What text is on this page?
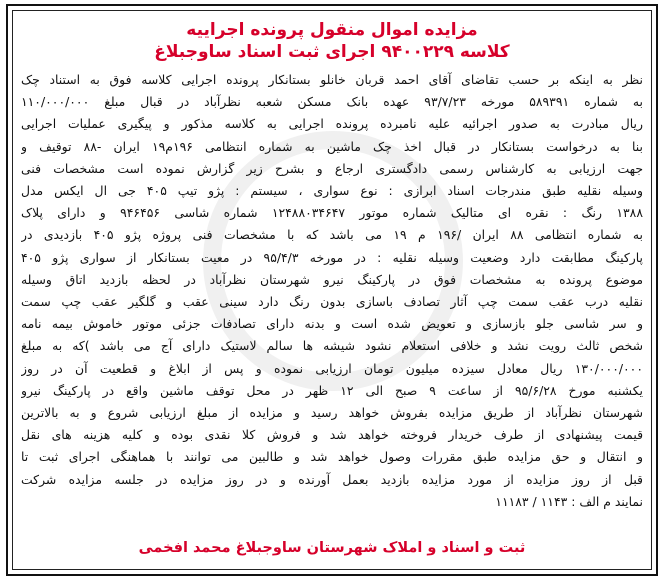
مزایده اموال منقول پرونده اجراییه
کلاسه ۹۴۰۰۲۲۹ اجرای ثبت اسناد ساوجبلاغ
نظر به اینکه بر حسب تقاضای آقای احمد قربان خانلو بستانکار پرونده اجرایی کلاسه فوق به استناد چک
به شماره ۵۸۹۳۹۱ مورخه ۹۳/۷/۲۳ عهده بانک مسکن شعبه نظرآباد در قبال مبلغ ۱۱۰/۰۰۰/۰۰۰
ریال مبادرت به صدور اجرائیه علیه نامبرده پرونده اجرایی به کلاسه مذکور و پیگیری عملیات اجرایی
بنا به درخواست بستانکار در قبال اخذ چک ماشین به شماره انتظامی ۱۹۶م۱۹ ایران -۸۸ توقیف و
جهت ارزیابی به کارشناس رسمی دادگستری ارجاع و بشرح زیر گزارش نموده است مشخصات فنی
وسیله نقلیه طبق مندرجات اسناد ابرازی : نوع سواری ، سیستم : پژو تیپ ۴۰۵ جی ال ایکس مدل
۱۳۸۸ رنگ : نقره ای متالیک شماره موتور ۱۲۴۸۸۰۳۴۶۴۷ شماره شاسی ۹۴۶۴۵۶ و دارای پلاک
به شماره انتظامی ۸۸ ایران /۱۹۶ م ۱۹ می باشد که با مشخصات فنی پروژه پژو ۴۰۵ بازدیدی در
پارکینگ مطابقت دارد وضعیت وسیله نقلیه : در مورخه ۹۵/۴/۳ در معیت بستانکار از سواری پژو ۴۰۵
موضوع پرونده به مشخصات فوق در پارکینگ نیرو شهرستان نظرآباد در لحظه بازدید اتاق وسیله
نقلیه درب عقب سمت چپ آثار تصادف باسازی بدون رنگ دارد سینی عقب و گلگیر عقب چپ سمت
و سر شاسی جلو بازسازی و تعویض شده است و بدنه دارای تصادفات جزئی موتور خاموش بیمه نامه
شخص ثالث رویت نشد و خلافی استعلام نشود شیشه ها سالم لاستیک دارای آج می باشد )که به مبلغ
۱۳۰/۰۰۰/۰۰۰ ریال معادل سیزده میلیون تومان ارزیابی نموده و پس از ابلاغ و قطعیت آن در روز
یکشنبه مورخ ۹۵/۶/۲۸ از ساعت ۹ صبح الی ۱۲ ظهر در محل توقف ماشین واقع در پارکینگ نیرو
شهرستان نظرآباد از طریق مزایده بفروش خواهد رسید و مزایده از مبلغ ارزیابی شروع و به بالاترین
قیمت پیشنهادی از طرف خریدار فروخته خواهد شد و فروش کلا نقدی بوده و کلیه هزینه های نقل
و انتقال و حق مزایده طبق مقررات وصول خواهد شد و طالبین می توانند با هماهنگی اجرای ثبت تا
قبل از روز مزایده از مورد مزایده بازدید بعمل آورنده و در روز مزایده در جلسه مزایده شرکت
نمایند م الف : ۱۱۴۳ / ۱۱۱۸۳
ثبت و اسناد و املاک شهرستان ساوجبلاغ محمد افخمی
